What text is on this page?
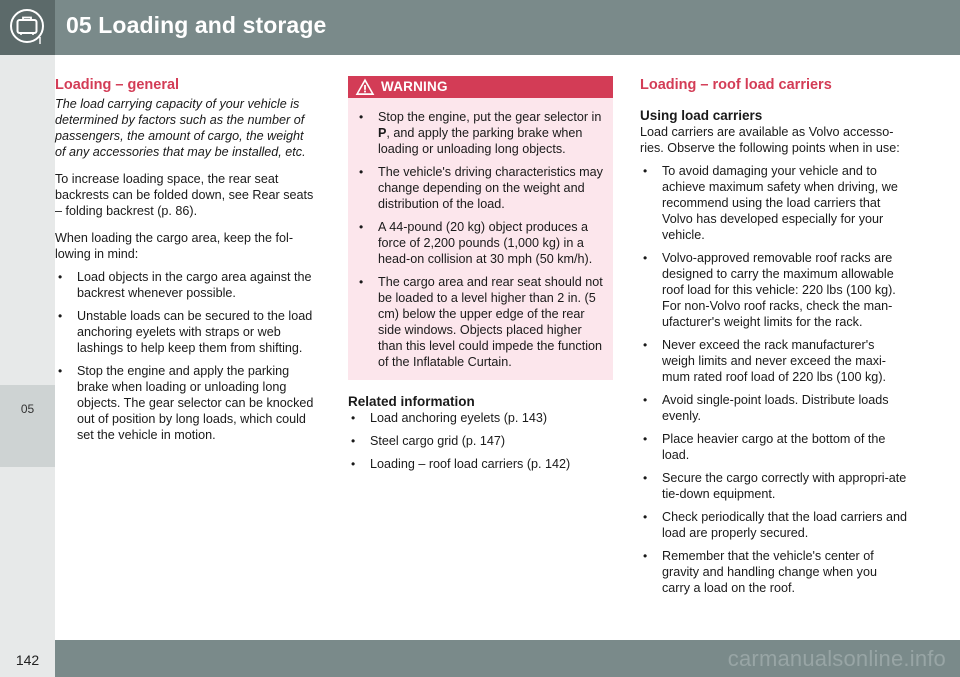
05 Loading and storage
05
Loading – general

The load carrying capacity of your vehicle is determined by factors such as the number of passengers, the amount of cargo, the weight of any accessories that may be installed, etc.

To increase loading space, the rear seat backrests can be folded down, see Rear seats – folding backrest (p. 86).

When loading the cargo area, keep the fol-lowing in mind:

• Load objects in the cargo area against the backrest whenever possible.
• Unstable loads can be secured to the load anchoring eyelets with straps or web lashings to help keep them from shifting.
• Stop the engine and apply the parking brake when loading or unloading long objects. The gear selector can be knocked out of position by long loads, which could set the vehicle in motion.
WARNING
• Stop the engine, put the gear selector in P, and apply the parking brake when loading or unloading long objects.
• The vehicle's driving characteristics may change depending on the weight and distribution of the load.
• A 44-pound (20 kg) object produces a force of 2,200 pounds (1,000 kg) in a head-on collision at 30 mph (50 km/h).
• The cargo area and rear seat should not be loaded to a level higher than 2 in. (5 cm) below the upper edge of the rear side windows. Objects placed higher than this level could impede the function of the Inflatable Curtain.
Related information
• Load anchoring eyelets (p. 143)
• Steel cargo grid (p. 147)
• Loading – roof load carriers (p. 142)
Loading – roof load carriers
Using load carriers

Load carriers are available as Volvo accesso-ries. Observe the following points when in use:

• To avoid damaging your vehicle and to achieve maximum safety when driving, we recommend using the load carriers that Volvo has developed especially for your vehicle.
• Volvo-approved removable roof racks are designed to carry the maximum allowable roof load for this vehicle: 220 lbs (100 kg). For non-Volvo roof racks, check the man-ufacturer's weight limits for the rack.
• Never exceed the rack manufacturer's weigh limits and never exceed the maxi-mum rated roof load of 220 lbs (100 kg).
• Avoid single-point loads. Distribute loads evenly.
• Place heavier cargo at the bottom of the load.
• Secure the cargo correctly with appropri-ate tie-down equipment.
• Check periodically that the load carriers and load are properly secured.
• Remember that the vehicle's center of gravity and handling change when you carry a load on the roof.
142	carmanualsonline.info
